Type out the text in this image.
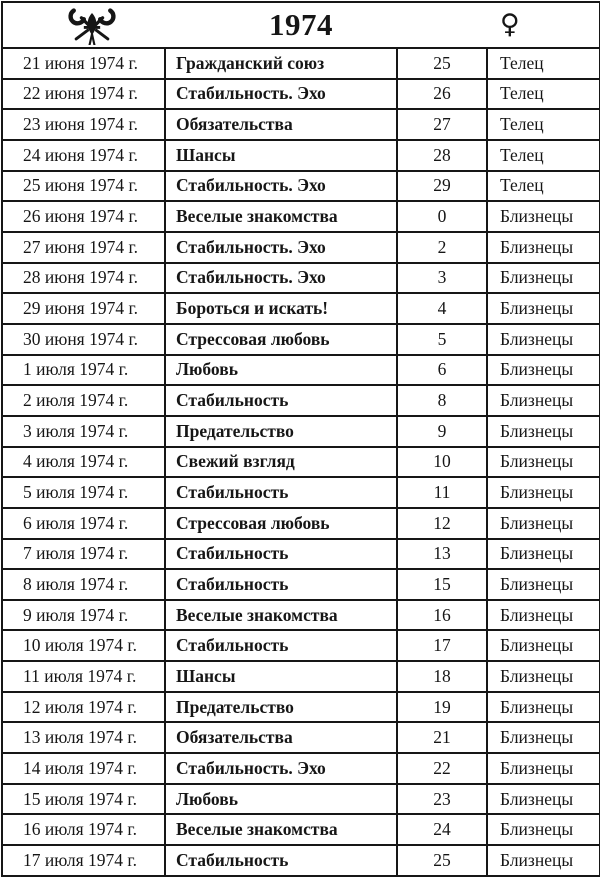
1974 ♀			

21 июня 1974 г.	Гражданский союз	25	Телец
22 июня 1974 г.	Стабильность. Эхо	26	Телец
23 июня 1974 г.	Обязательства	27	Телец
24 июня 1974 г.	Шансы	28	Телец
25 июня 1974 г.	Стабильность. Эхо	29	Телец
26 июня 1974 г.	Веселые знакомства	0	Близнецы
27 июня 1974 г.	Стабильность. Эхо	2	Близнецы
28 июня 1974 г.	Стабильность. Эхо	3	Близнецы
29 июня 1974 г.	Бороться и искать!	4	Близнецы
30 июня 1974 г.	Стрессовая любовь	5	Близнецы
1 июля 1974 г.	Любовь	6	Близнецы
2 июля 1974 г.	Стабильность	8	Близнецы
3 июля 1974 г.	Предательство	9	Близнецы
4 июля 1974 г.	Свежий взгляд	10	Близнецы
5 июля 1974 г.	Стабильность	11	Близнецы
6 июля 1974 г.	Стрессовая любовь	12	Близнецы
7 июля 1974 г.	Стабильность	13	Близнецы
8 июля 1974 г.	Стабильность	15	Близнецы
9 июля 1974 г.	Веселые знакомства	16	Близнецы
10 июля 1974 г.	Стабильность	17	Близнецы
11 июля 1974 г.	Шансы	18	Близнецы
12 июля 1974 г.	Предательство	19	Близнецы
13 июля 1974 г.	Обязательства	21	Близнецы
14 июля 1974 г.	Стабильность. Эхо	22	Близнецы
15 июля 1974 г.	Любовь	23	Близнецы
16 июля 1974 г.	Веселые знакомства	24	Близнецы
17 июля 1974 г.	Стабильность	25	Близнецы
